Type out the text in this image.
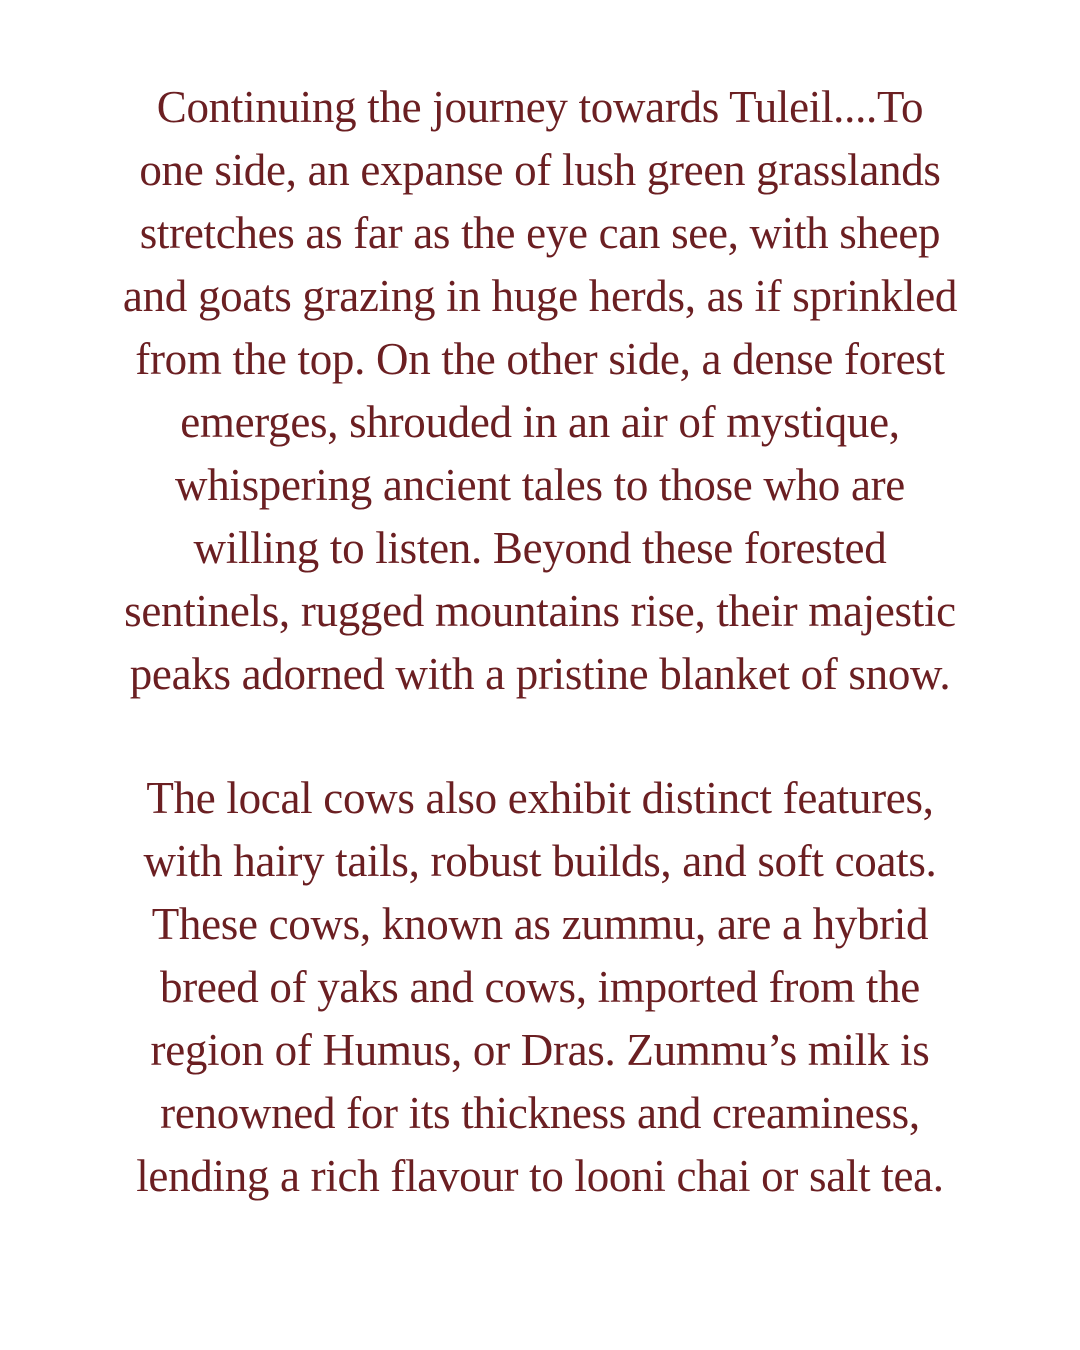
Continuing the journey towards Tuleil....To
one side, an expanse of lush green grasslands
stretches as far as the eye can see, with sheep
and goats grazing in huge herds, as if sprinkled
from the top. On the other side, a dense forest
emerges, shrouded in an air of mystique,
whispering ancient tales to those who are
willing to listen. Beyond these forested
sentinels, rugged mountains rise, their majestic
peaks adorned with a pristine blanket of snow.
The local cows also exhibit distinct features,
with hairy tails, robust builds, and soft coats.
These cows, known as zummu, are a hybrid
breed of yaks and cows, imported from the
region of Humus, or Dras. Zummu’s milk is
renowned for its thickness and creaminess,
lending a rich flavour to looni chai or salt tea.
